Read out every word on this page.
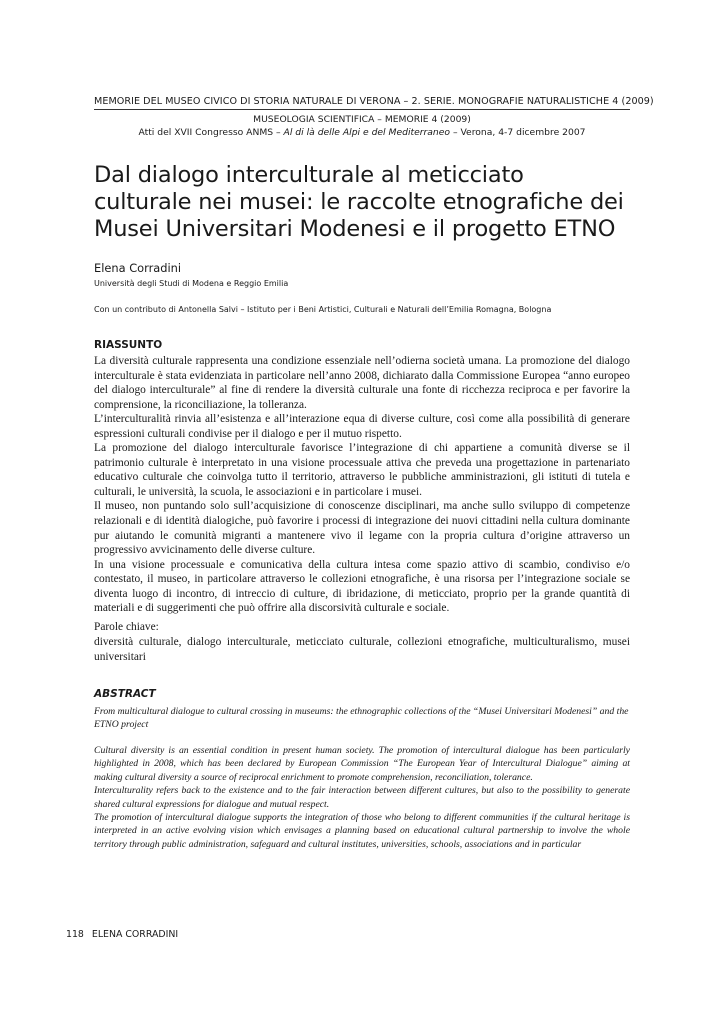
MEMORIE DEL MUSEO CIVICO DI STORIA NATURALE DI VERONA – 2. SERIE. MONOGRAFIE NATURALISTICHE 4 (2009)
MUSEOLOGIA SCIENTIFICA – MEMORIE 4 (2009)
Atti del XVII Congresso ANMS – Al di là delle Alpi e del Mediterraneo – Verona, 4-7 dicembre 2007
Dal dialogo interculturale al meticciato
culturale nei musei: le raccolte etnografiche dei
Musei Universitari Modenesi e il progetto ETNO
Elena Corradini
Università degli Studi di Modena e Reggio Emilia
Con un contributo di Antonella Salvi – Istituto per i Beni Artistici, Culturali e Naturali dell’Emilia Romagna, Bologna
RIASSUNTO

La diversità culturale rappresenta una condizione essenziale nell’odierna società umana. La promozione del dialogo interculturale è stata evidenziata in particolare nell’anno 2008, dichiarato dalla Commissione Europea “anno europeo del dialogo interculturale” al fine di rendere la diversità culturale una fonte di ricchezza reciproca e per favorire la comprensione, la riconciliazione, la tolleranza.

L’interculturalità rinvia all’esistenza e all’interazione equa di diverse culture, così come alla possibilità di generare espressioni culturali condivise per il dialogo e per il mutuo rispetto.

La promozione del dialogo interculturale favorisce l’integrazione di chi appartiene a comunità diverse se il patrimonio culturale è interpretato in una visione processuale attiva che preveda una progettazione in partenariato educativo culturale che coinvolga tutto il territorio, attraverso le pubbliche amministrazioni, gli istituti di tutela e culturali, le università, la scuola, le associazioni e in particolare i musei.

Il museo, non puntando solo sull’acquisizione di conoscenze disciplinari, ma anche sullo sviluppo di competenze relazionali e di identità dialogiche, può favorire i processi di integrazione dei nuovi cittadini nella cultura dominante pur aiutando le comunità migranti a mantenere vivo il legame con la propria cultura d’origine attraverso un progressivo avvicinamento delle diverse culture.

In una visione processuale e comunicativa della cultura intesa come spazio attivo di scambio, condiviso e/o contestato, il museo, in particolare attraverso le collezioni etnografiche, è una risorsa per l’integrazione sociale se diventa luogo di incontro, di intreccio di culture, di ibridazione, di meticciato, proprio per la grande quantità di materiali e di suggerimenti che può offrire alla discorsività culturale e sociale.

Parole chiave:
diversità culturale, dialogo interculturale, meticciato culturale, collezioni etnografiche, multiculturalismo, musei universitari
ABSTRACT
From multicultural dialogue to cultural crossing in museums: the ethnographic collections of the “Musei Universitari Modenesi” and the ETNO project

Cultural diversity is an essential condition in present human society. The promotion of intercultural dialogue has been particularly highlighted in 2008, which has been declared by European Commission “The European Year of Intercultural Dialogue” aiming at making cultural diversity a source of reciprocal enrichment to promote comprehension, reconciliation, tolerance.

Interculturality refers back to the existence and to the fair interaction between different cultures, but also to the possibility to generate shared cultural expressions for dialogue and mutual respect.

The promotion of intercultural dialogue supports the integration of those who belong to different communities if the cultural heritage is interpreted in an active evolving vision which envisages a planning based on educational cultural partnership to involve the whole territory through public administration, safeguard and cultural institutes, universities, schools, associations and in particular

118 ELENA CORRADINI
